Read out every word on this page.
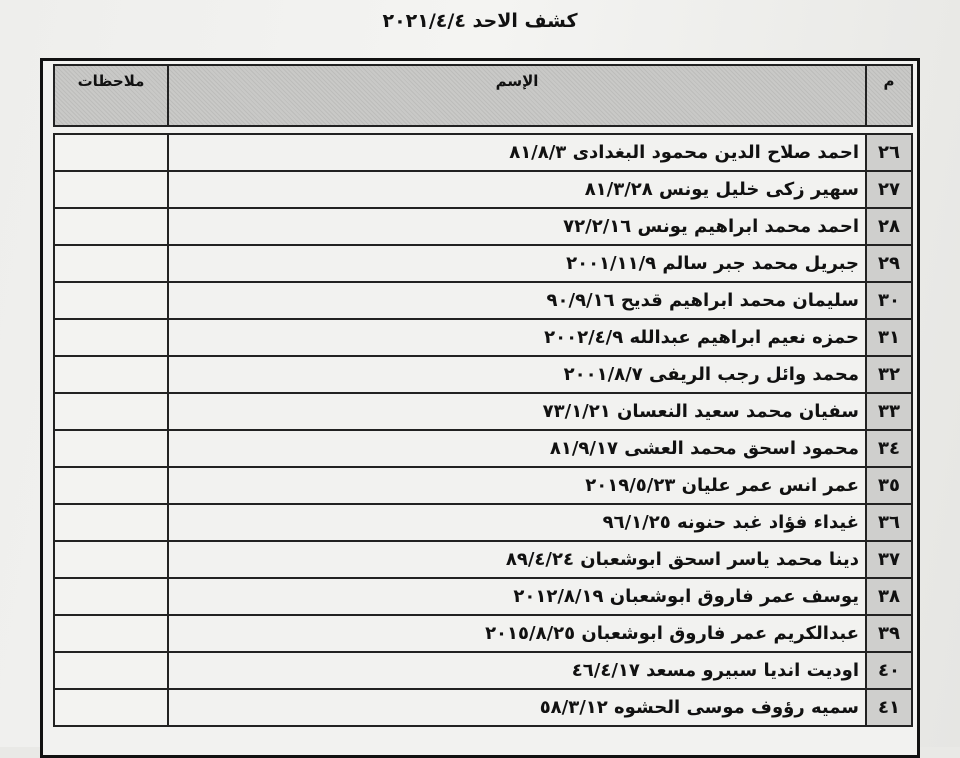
كشف الاحد ٢٠٢١/٤/٤
م	الإسم	ملاحظات

٢٦	احمد صلاح الدين محمود البغدادى ٨١/٨/٣	
٢٧	سهير زكى خليل يونس ٨١/٣/٢٨	
٢٨	احمد محمد ابراهيم يونس ٧٢/٢/١٦	
٢٩	جبريل محمد جبر سالم ٢٠٠١/١١/٩	
٣٠	سليمان محمد ابراهيم قديح ٩٠/٩/١٦	
٣١	حمزه نعيم ابراهيم عبدالله ٢٠٠٢/٤/٩	
٣٢	محمد وائل رجب الريفى ٢٠٠١/٨/٧	
٣٣	سفيان محمد سعيد النعسان ٧٣/١/٢١	
٣٤	محمود اسحق محمد العشى ٨١/٩/١٧	
٣٥	عمر انس عمر عليان ٢٠١٩/٥/٢٣	
٣٦	غيداء فؤاد غبد حنونه ٩٦/١/٢٥	
٣٧	دينا محمد ياسر اسحق ابوشعبان ٨٩/٤/٢٤	
٣٨	يوسف عمر فاروق ابوشعبان ٢٠١٢/٨/١٩	
٣٩	عبدالكريم عمر فاروق ابوشعبان ٢٠١٥/٨/٢٥	
٤٠	اوديت انديا سبيرو مسعد ٤٦/٤/١٧	
٤١	سميه رؤوف موسى الحشوه ٥٨/٣/١٢	
